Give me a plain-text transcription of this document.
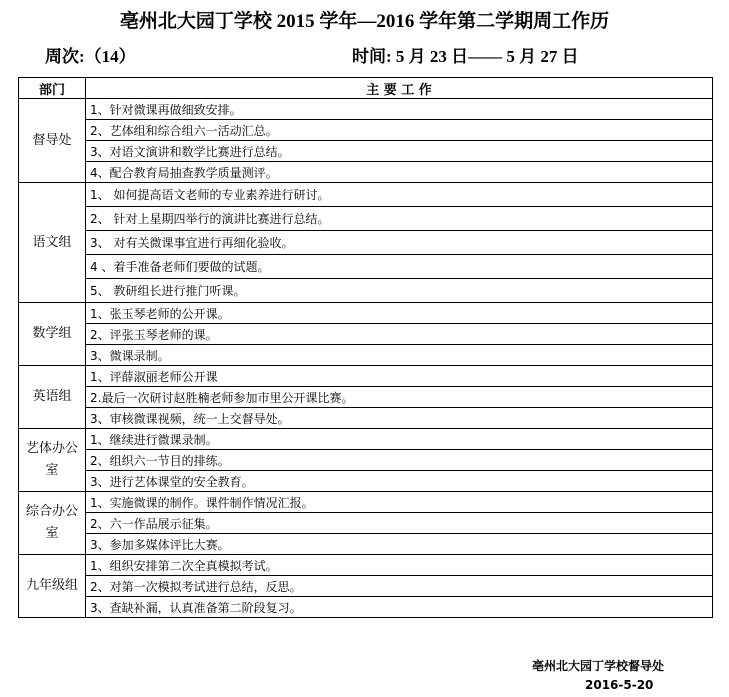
亳州北大园丁学校 2015 学年—2016 学年第二学期周工作历
周次:（14）	时间: 5 月 23 日—— 5 月 27 日
部门	主 要 工 作
督导处	1、针对微课再做细致安排。
	2、艺体组和综合组六一活动汇总。
	3、对语文演讲和数学比赛进行总结。
	4、配合教育局抽查教学质量测评。
语文组	1、 如何提高语文老师的专业素养进行研讨。
	2、 针对上星期四举行的演讲比赛进行总结。
	3、 对有关微课事宜进行再细化验收。
	4 、着手准备老师们要做的试题。
	5、 教研组长进行推门听课。
数学组	1、张玉琴老师的公开课。
	2、评张玉琴老师的课。
	3、微课录制。
英语组	1、评薛淑丽老师公开课
	2.最后一次研讨赵胜楠老师参加市里公开课比赛。
	3、审核微课视频，统一上交督导处。
艺体办公室	1、继续进行微课录制。
	2、组织六一节目的排练。
	3、进行艺体课堂的安全教育。
综合办公室	1、实施微课的制作。课件制作情况汇报。
	2、六一作品展示征集。
	3、参加多媒体评比大赛。
九年级组	1、组织安排第二次全真模拟考试。
	2、对第一次模拟考试进行总结，反思。
	3、查缺补漏，认真准备第二阶段复习。
亳州北大园丁学校督导处
2016-5-20
